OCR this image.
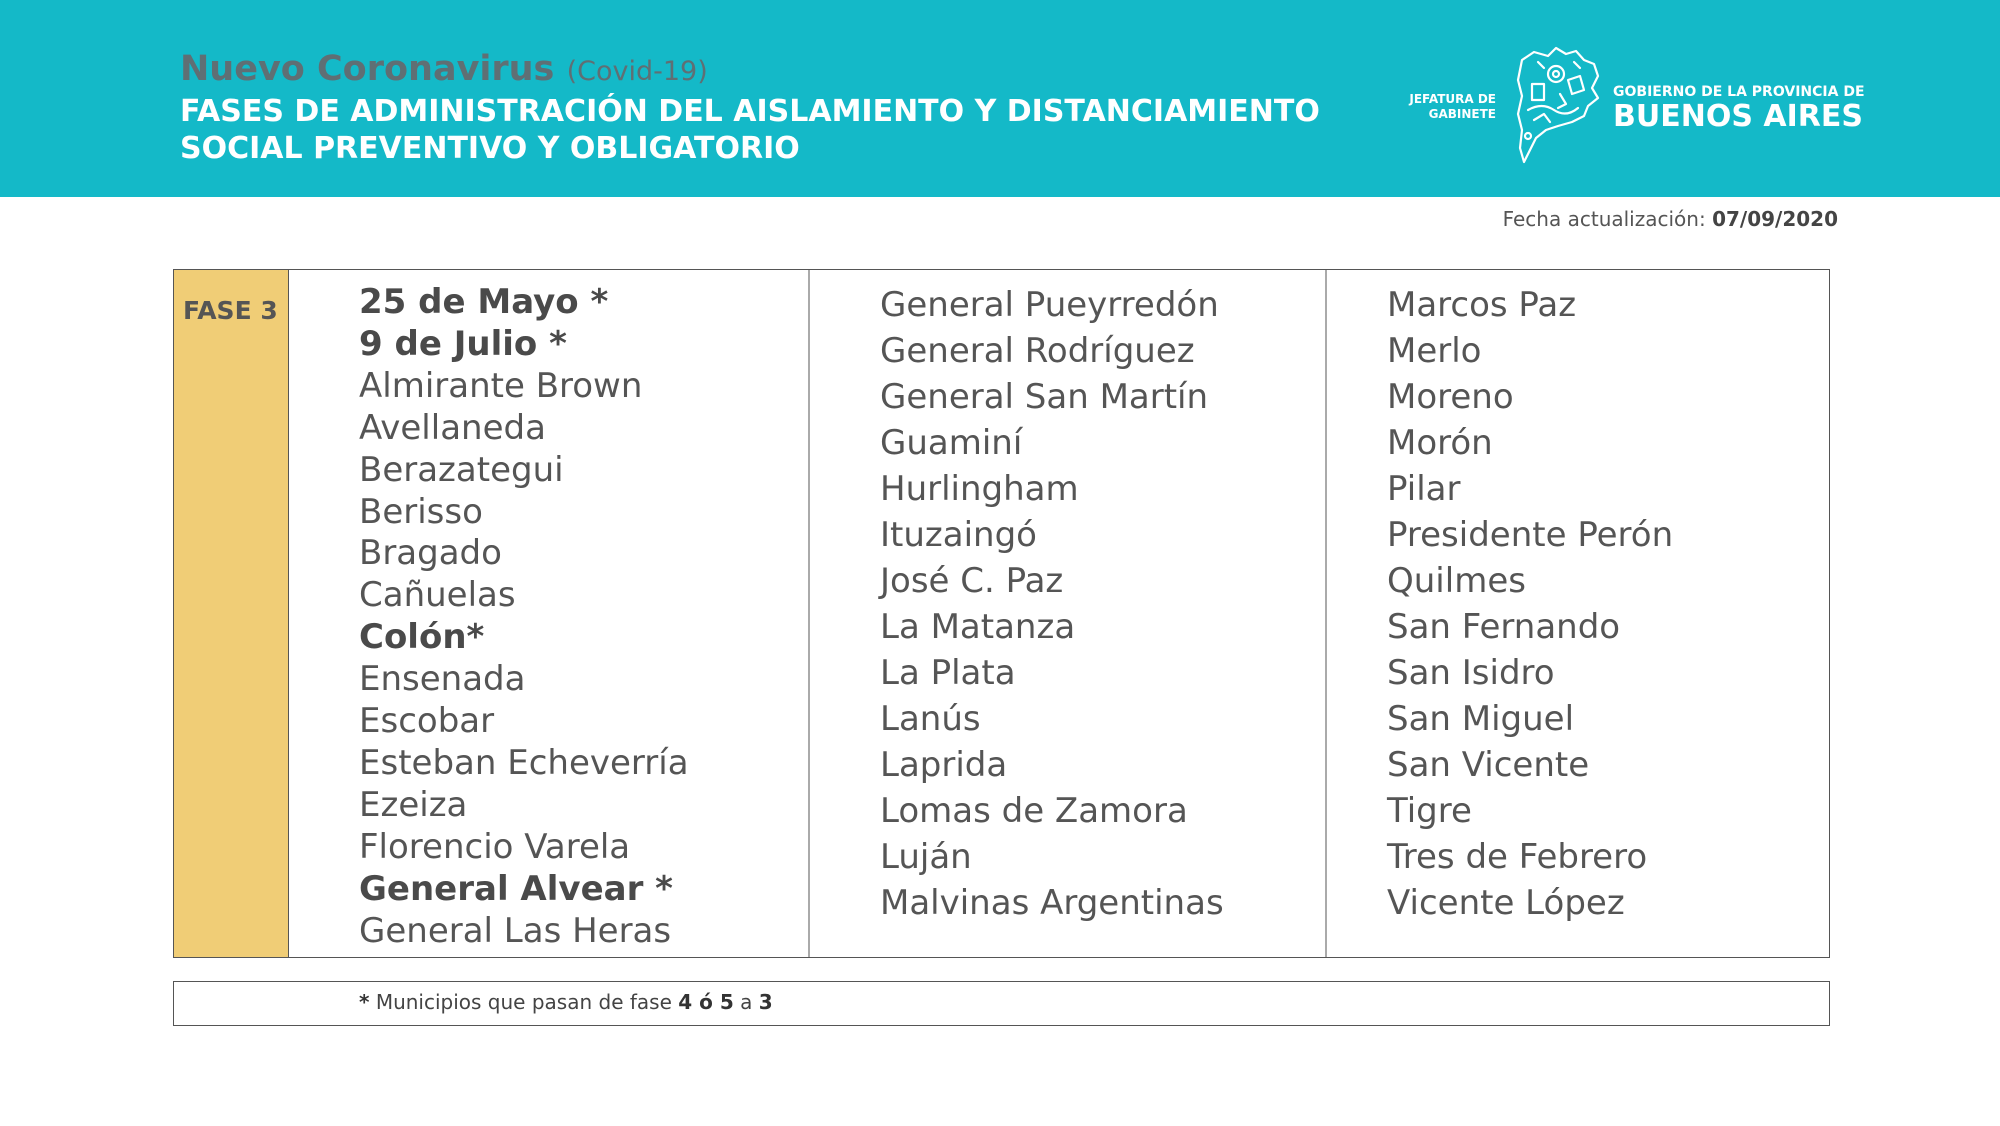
Nuevo Coronavirus (Covid-19)
FASES DE ADMINISTRACIÓN DEL AISLAMIENTO Y DISTANCIAMIENTO
SOCIAL PREVENTIVO Y OBLIGATORIO
JEFATURA DE
GABINETE
GOBIERNO DE LA PROVINCIA DE
BUENOS AIRES
Fecha actualización: 07/09/2020
FASE 3 25 de Mayo *
9 de Julio *
Almirante Brown
Avellaneda
Berazategui
Berisso
Bragado
Cañuelas
Colón*
Ensenada
Escobar
Esteban Echeverría
Ezeiza
Florencio Varela
General Alvear *
General Las Heras
General Pueyrredón
General Rodríguez
General San Martín
Guaminí
Hurlingham
Ituzaingó
José C. Paz
La Matanza
La Plata
Lanús
Laprida
Lomas de Zamora
Luján
Malvinas Argentinas
Marcos Paz
Merlo
Moreno
Morón
Pilar
Presidente Perón
Quilmes
San Fernando
San Isidro
San Miguel
San Vicente
Tigre
Tres de Febrero
Vicente López
* Municipios que pasan de fase 4 ó 5 a 3
